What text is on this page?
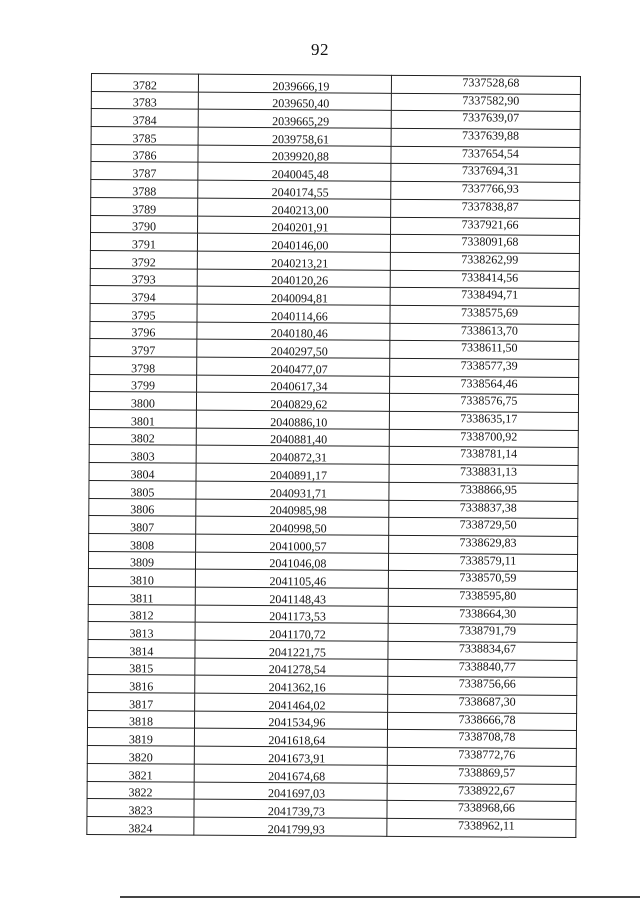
92
3782	2039666,19	7337528,68
3783	2039650,40	7337582,90
3784	2039665,29	7337639,07
3785	2039758,61	7337639,88
3786	2039920,88	7337654,54
3787	2040045,48	7337694,31
3788	2040174,55	7337766,93
3789	2040213,00	7337838,87
3790	2040201,91	7337921,66
3791	2040146,00	7338091,68
3792	2040213,21	7338262,99
3793	2040120,26	7338414,56
3794	2040094,81	7338494,71
3795	2040114,66	7338575,69
3796	2040180,46	7338613,70
3797	2040297,50	7338611,50
3798	2040477,07	7338577,39
3799	2040617,34	7338564,46
3800	2040829,62	7338576,75
3801	2040886,10	7338635,17
3802	2040881,40	7338700,92
3803	2040872,31	7338781,14
3804	2040891,17	7338831,13
3805	2040931,71	7338866,95
3806	2040985,98	7338837,38
3807	2040998,50	7338729,50
3808	2041000,57	7338629,83
3809	2041046,08	7338579,11
3810	2041105,46	7338570,59
3811	2041148,43	7338595,80
3812	2041173,53	7338664,30
3813	2041170,72	7338791,79
3814	2041221,75	7338834,67
3815	2041278,54	7338840,77
3816	2041362,16	7338756,66
3817	2041464,02	7338687,30
3818	2041534,96	7338666,78
3819	2041618,64	7338708,78
3820	2041673,91	7338772,76
3821	2041674,68	7338869,57
3822	2041697,03	7338922,67
3823	2041739,73	7338968,66
3824	2041799,93	7338962,11
